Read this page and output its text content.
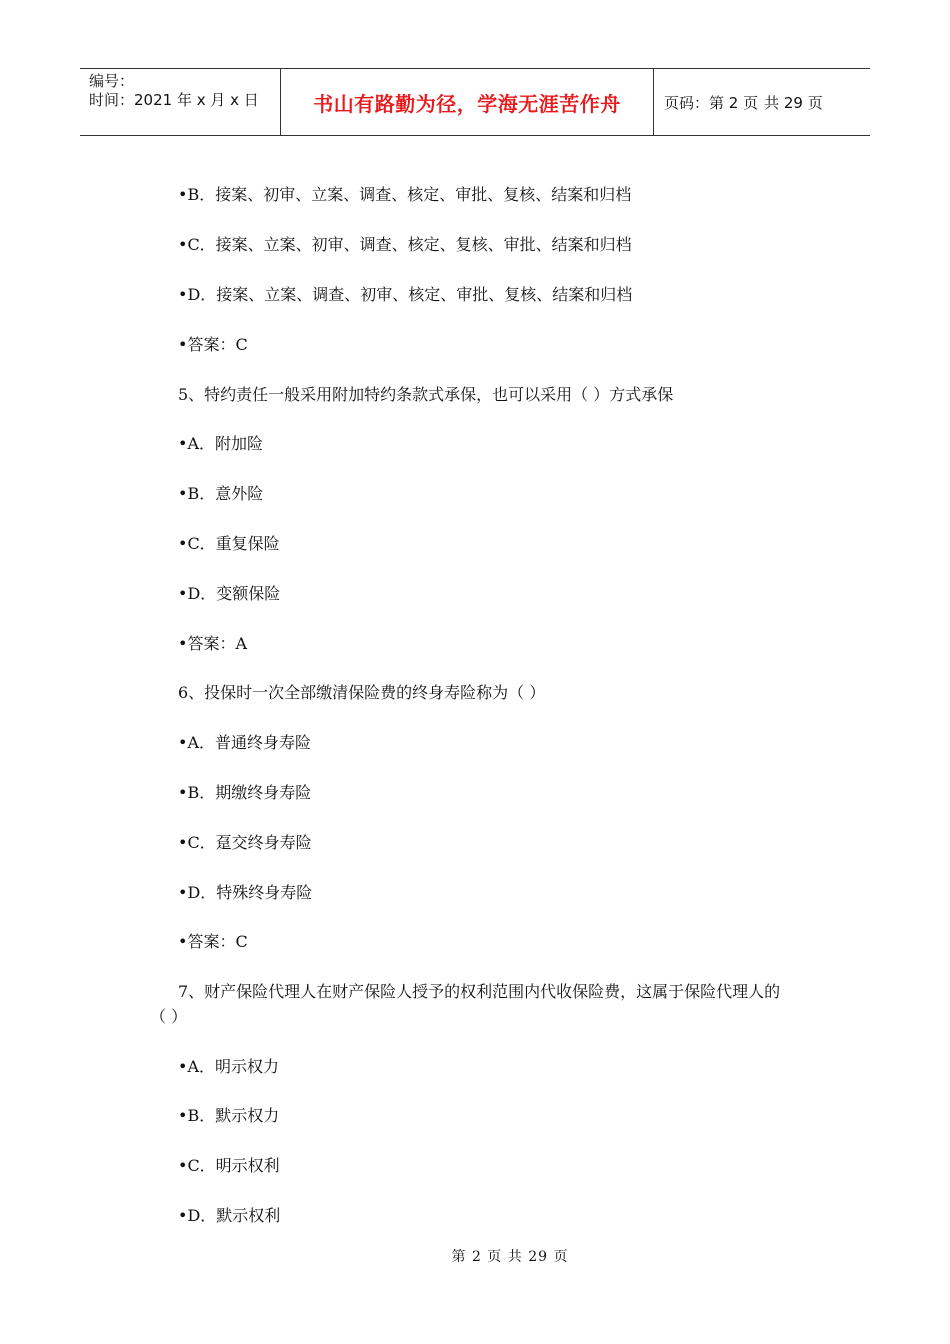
编号：
时间：2021 年 x 月 x 日	书山有路勤为径，学海无涯苦作舟	页码：第 2 页 共 29 页
•B．接案、初审、立案、调查、核定、审批、复核、结案和归档
•C．接案、立案、初审、调查、核定、复核、审批、结案和归档
•D．接案、立案、调查、初审、核定、审批、复核、结案和归档
•答案：C
5、特约责任一般采用附加特约条款式承保，也可以采用（ ）方式承保
•A．附加险
•B．意外险
•C．重复保险
•D．变额保险
•答案：A
6、投保时一次全部缴清保险费的终身寿险称为（ ）
•A．普通终身寿险
•B．期缴终身寿险
•C．趸交终身寿险
•D．特殊终身寿险
•答案：C
7、财产保险代理人在财产保险人授予的权利范围内代收保险费，这属于保险代理人的
（ ）
•A．明示权力
•B．默示权力
•C．明示权利
•D．默示权利
第 2 页 共 29 页
